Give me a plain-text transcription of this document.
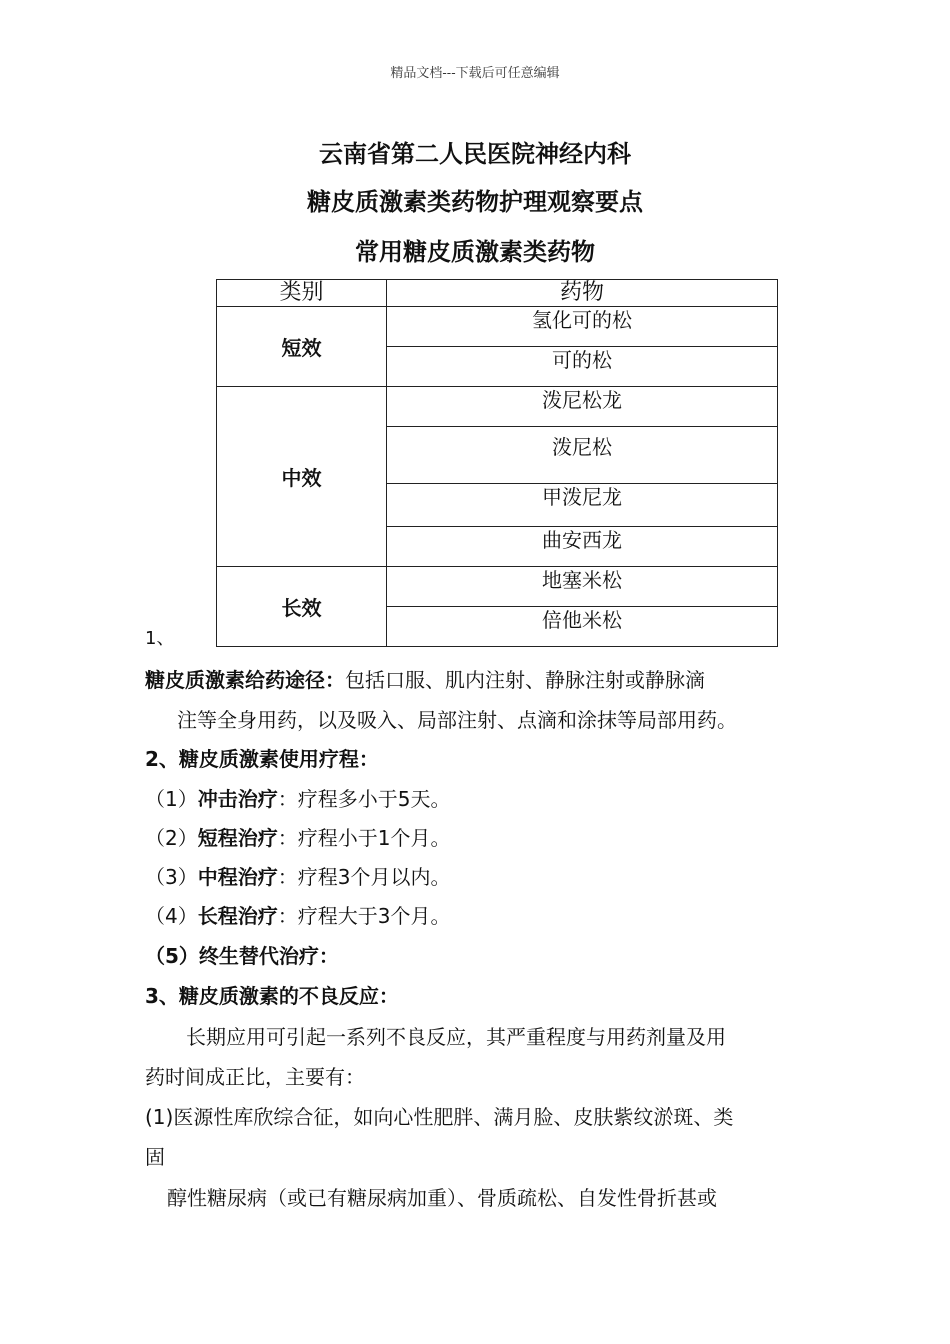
精品文档---下载后可任意编辑
云南省第二人民医院神经内科
糖皮质激素类药物护理观察要点
常用糖皮质激素类药物
类别	药物
短效	氢化可的松
	可的松
中效	泼尼松龙
	泼尼松
	甲泼尼龙
	曲安西龙
长效	地塞米松
	倍他米松
1、
糖皮质激素给药途径：包括口服、肌内注射、静脉注射或静脉滴
注等全身用药，以及吸入、局部注射、点滴和涂抹等局部用药。
2、糖皮质激素使用疗程：
（1）冲击治疗：疗程多小于5天。
（2）短程治疗：疗程小于1个月。
（3）中程治疗：疗程3个月以内。
（4）长程治疗：疗程大于3个月。
（5）终生替代治疗：
3、糖皮质激素的不良反应：
长期应用可引起一系列不良反应，其严重程度与用药剂量及用
药时间成正比，主要有：
(1)医源性库欣综合征，如向心性肥胖、满月脸、皮肤紫纹淤斑、类
固
醇性糖尿病（或已有糖尿病加重）、骨质疏松、自发性骨折甚或
